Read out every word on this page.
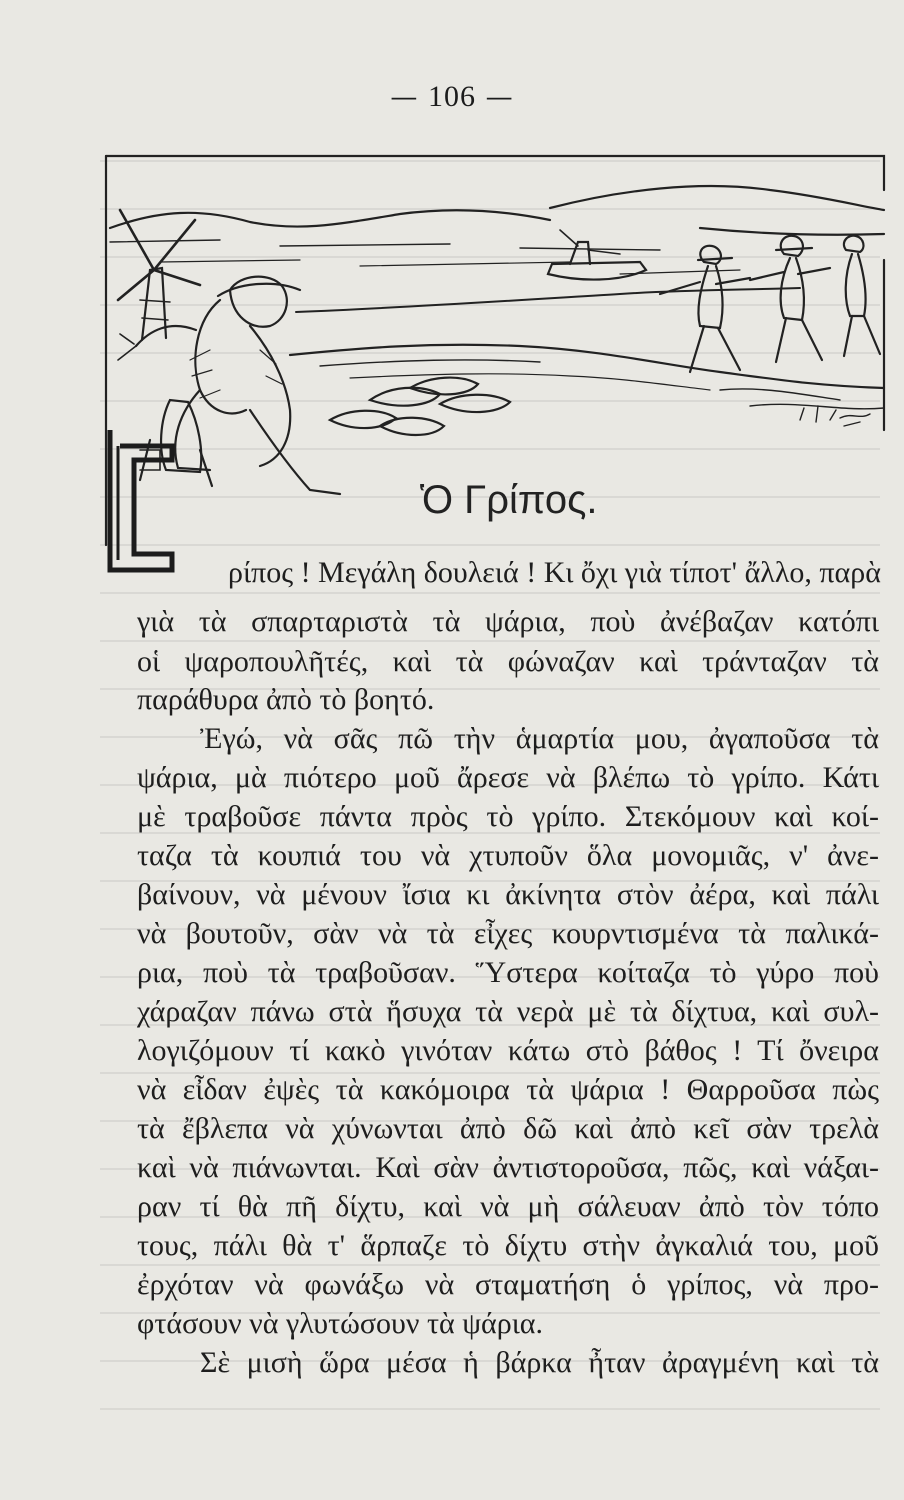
— 106 —
Ὁ Γρίπος.
ρίπος ! Μεγάλη δουλειά ! Κι ὄχι γιὰ τίποτ' ἄλλο, παρὰ
γιὰ τὰ σπαρταριστὰ τὰ ψάρια, ποὺ ἀνέβαζαν κατόπι
οἱ ψαροπουλῆτές, καὶ τὰ φώναζαν καὶ τράνταζαν τὰ
παράθυρα ἀπὸ τὸ βοητό.
Ἐγώ, νὰ σᾶς πῶ τὴν ἁμαρτία μου, ἀγαποῦσα τὰ
ψάρια, μὰ πιότερο μοῦ ἄρεσε νὰ βλέπω τὸ γρίπο. Κάτι
μὲ τραβοῦσε πάντα πρὸς τὸ γρίπο. Στεκόμουν καὶ κοί-
ταζα τὰ κουπιά του νὰ χτυποῦν ὅλα μονομιᾶς, ν' ἀνε-
βαίνουν, νὰ μένουν ἴσια κι ἀκίνητα στὸν ἀέρα, καὶ πάλι
νὰ βουτοῦν, σὰν νὰ τὰ εἶχες κουρντισμένα τὰ παλικά-
ρια, ποὺ τὰ τραβοῦσαν. Ὕστερα κοίταζα τὸ γύρο ποὺ
χάραζαν πάνω στὰ ἥσυχα τὰ νερὰ μὲ τὰ δίχτυα, καὶ συλ-
λογιζόμουν τί κακὸ γινόταν κάτω στὸ βάθος ! Τί ὄνειρα
νὰ εἶδαν ἐψὲς τὰ κακόμοιρα τὰ ψάρια ! Θαρροῦσα πὼς
τὰ ἔβλεπα νὰ χύνωνται ἀπὸ δῶ καὶ ἀπὸ κεῖ σὰν τρελὰ
καὶ νὰ πιάνωνται. Καὶ σὰν ἀντιστοροῦσα, πῶς, καὶ νάξαι-
ραν τί θὰ πῆ δίχτυ, καὶ νὰ μὴ σάλευαν ἀπὸ τὸν τόπο
τους, πάλι θὰ τ' ἅρπαζε τὸ δίχτυ στὴν ἀγκαλιά του, μοῦ
ἐρχόταν νὰ φωνάξω νὰ σταματήση ὁ γρίπος, νὰ προ-
φτάσουν νὰ γλυτώσουν τὰ ψάρια.
Σὲ μισὴ ὥρα μέσα ἡ βάρκα ἦταν ἀραγμένη καὶ τὰ
